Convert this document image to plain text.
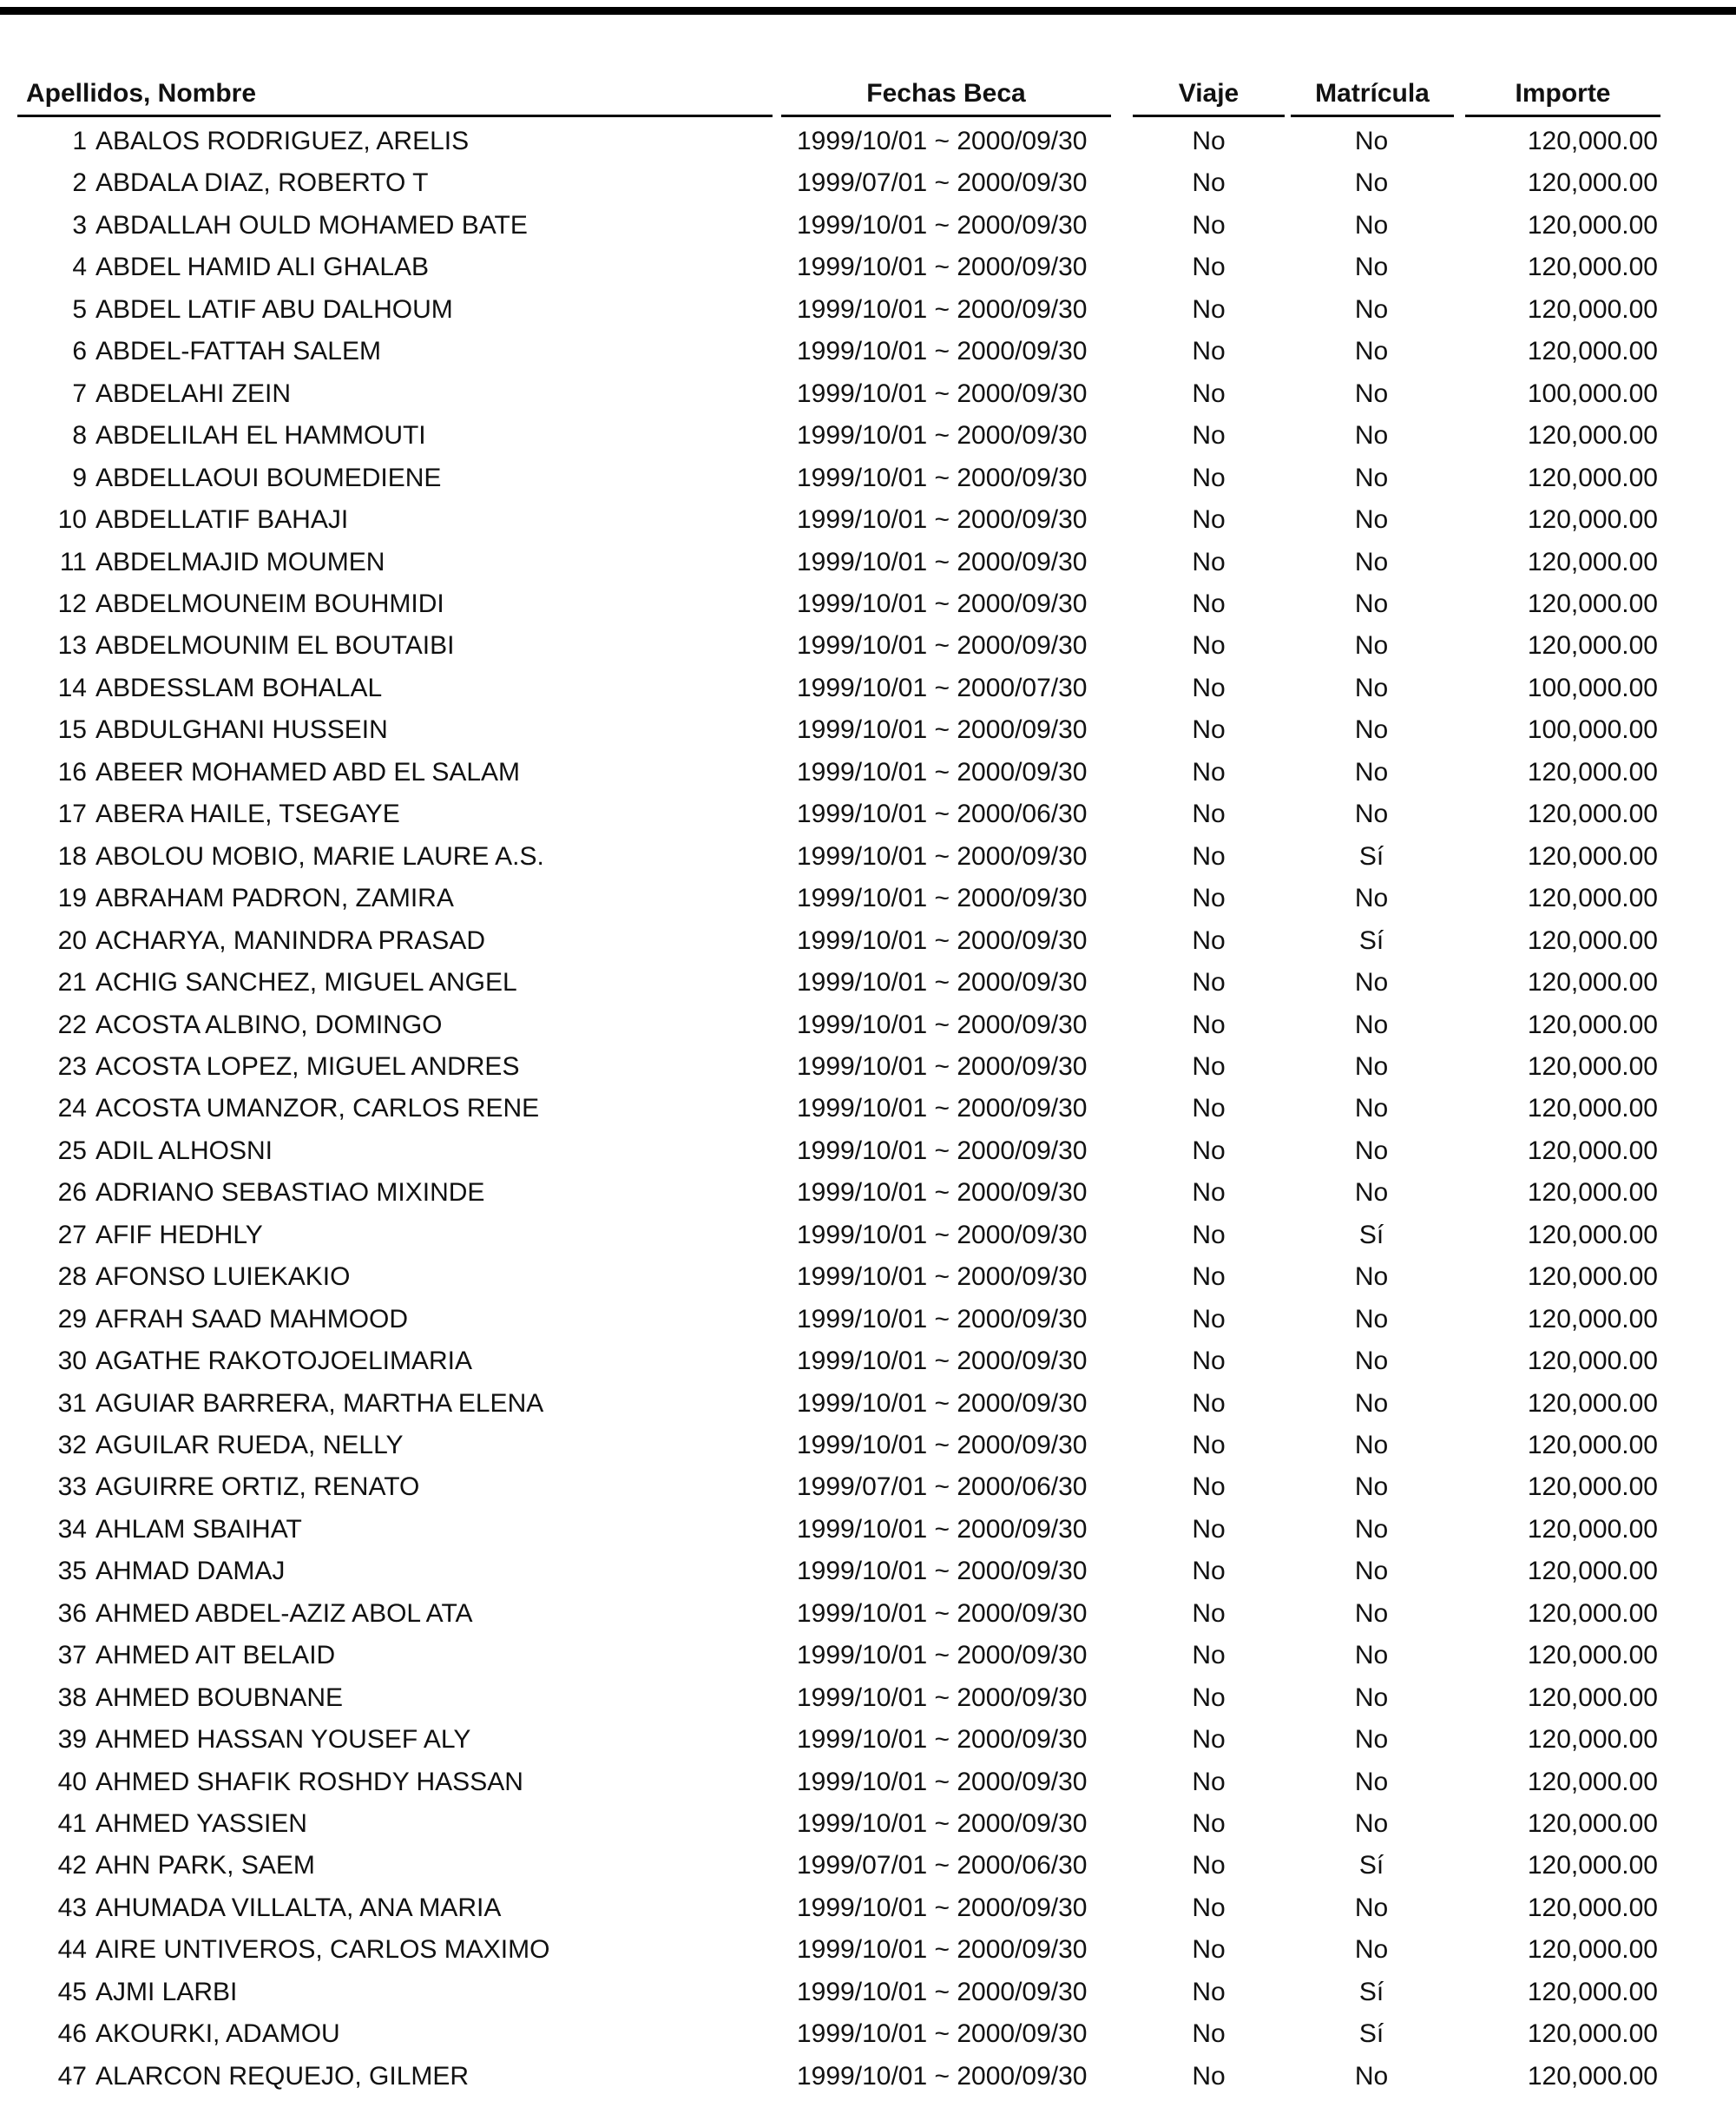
Apellidos, Nombre	Fechas Beca	Viaje	Matrícula	Importe
1 ABALOS RODRIGUEZ, ARELIS	1999/10/01 ~ 2000/09/30	No	No	120,000.00
2 ABDALA DIAZ, ROBERTO T	1999/07/01 ~ 2000/09/30	No	No	120,000.00
3 ABDALLAH OULD MOHAMED BATE	1999/10/01 ~ 2000/09/30	No	No	120,000.00
4 ABDEL HAMID ALI GHALAB	1999/10/01 ~ 2000/09/30	No	No	120,000.00
5 ABDEL LATIF ABU DALHOUM	1999/10/01 ~ 2000/09/30	No	No	120,000.00
6 ABDEL-FATTAH SALEM	1999/10/01 ~ 2000/09/30	No	No	120,000.00
7 ABDELAHI ZEIN	1999/10/01 ~ 2000/09/30	No	No	100,000.00
8 ABDELILAH EL HAMMOUTI	1999/10/01 ~ 2000/09/30	No	No	120,000.00
9 ABDELLAOUI BOUMEDIENE	1999/10/01 ~ 2000/09/30	No	No	120,000.00
10 ABDELLATIF BAHAJI	1999/10/01 ~ 2000/09/30	No	No	120,000.00
11 ABDELMAJID MOUMEN	1999/10/01 ~ 2000/09/30	No	No	120,000.00
12 ABDELMOUNEIM BOUHMIDI	1999/10/01 ~ 2000/09/30	No	No	120,000.00
13 ABDELMOUNIM EL BOUTAIBI	1999/10/01 ~ 2000/09/30	No	No	120,000.00
14 ABDESSLAM BOHALAL	1999/10/01 ~ 2000/07/30	No	No	100,000.00
15 ABDULGHANI HUSSEIN	1999/10/01 ~ 2000/09/30	No	No	100,000.00
16 ABEER MOHAMED ABD EL SALAM	1999/10/01 ~ 2000/09/30	No	No	120,000.00
17 ABERA HAILE, TSEGAYE	1999/10/01 ~ 2000/06/30	No	No	120,000.00
18 ABOLOU MOBIO, MARIE LAURE A.S.	1999/10/01 ~ 2000/09/30	No	Sí	120,000.00
19 ABRAHAM PADRON, ZAMIRA	1999/10/01 ~ 2000/09/30	No	No	120,000.00
20 ACHARYA, MANINDRA PRASAD	1999/10/01 ~ 2000/09/30	No	Sí	120,000.00
21 ACHIG SANCHEZ, MIGUEL ANGEL	1999/10/01 ~ 2000/09/30	No	No	120,000.00
22 ACOSTA ALBINO, DOMINGO	1999/10/01 ~ 2000/09/30	No	No	120,000.00
23 ACOSTA LOPEZ, MIGUEL ANDRES	1999/10/01 ~ 2000/09/30	No	No	120,000.00
24 ACOSTA UMANZOR, CARLOS RENE	1999/10/01 ~ 2000/09/30	No	No	120,000.00
25 ADIL ALHOSNI	1999/10/01 ~ 2000/09/30	No	No	120,000.00
26 ADRIANO SEBASTIAO MIXINDE	1999/10/01 ~ 2000/09/30	No	No	120,000.00
27 AFIF HEDHLY	1999/10/01 ~ 2000/09/30	No	Sí	120,000.00
28 AFONSO LUIEKAKIO	1999/10/01 ~ 2000/09/30	No	No	120,000.00
29 AFRAH SAAD MAHMOOD	1999/10/01 ~ 2000/09/30	No	No	120,000.00
30 AGATHE RAKOTOJOELIMARIA	1999/10/01 ~ 2000/09/30	No	No	120,000.00
31 AGUIAR BARRERA, MARTHA ELENA	1999/10/01 ~ 2000/09/30	No	No	120,000.00
32 AGUILAR RUEDA, NELLY	1999/10/01 ~ 2000/09/30	No	No	120,000.00
33 AGUIRRE ORTIZ, RENATO	1999/07/01 ~ 2000/06/30	No	No	120,000.00
34 AHLAM SBAIHAT	1999/10/01 ~ 2000/09/30	No	No	120,000.00
35 AHMAD DAMAJ	1999/10/01 ~ 2000/09/30	No	No	120,000.00
36 AHMED ABDEL-AZIZ ABOL ATA	1999/10/01 ~ 2000/09/30	No	No	120,000.00
37 AHMED AIT BELAID	1999/10/01 ~ 2000/09/30	No	No	120,000.00
38 AHMED BOUBNANE	1999/10/01 ~ 2000/09/30	No	No	120,000.00
39 AHMED HASSAN YOUSEF ALY	1999/10/01 ~ 2000/09/30	No	No	120,000.00
40 AHMED SHAFIK ROSHDY HASSAN	1999/10/01 ~ 2000/09/30	No	No	120,000.00
41 AHMED YASSIEN	1999/10/01 ~ 2000/09/30	No	No	120,000.00
42 AHN PARK, SAEM	1999/07/01 ~ 2000/06/30	No	Sí	120,000.00
43 AHUMADA VILLALTA, ANA MARIA	1999/10/01 ~ 2000/09/30	No	No	120,000.00
44 AIRE UNTIVEROS, CARLOS MAXIMO	1999/10/01 ~ 2000/09/30	No	No	120,000.00
45 AJMI LARBI	1999/10/01 ~ 2000/09/30	No	Sí	120,000.00
46 AKOURKI, ADAMOU	1999/10/01 ~ 2000/09/30	No	Sí	120,000.00
47 ALARCON REQUEJO, GILMER	1999/10/01 ~ 2000/09/30	No	No	120,000.00
